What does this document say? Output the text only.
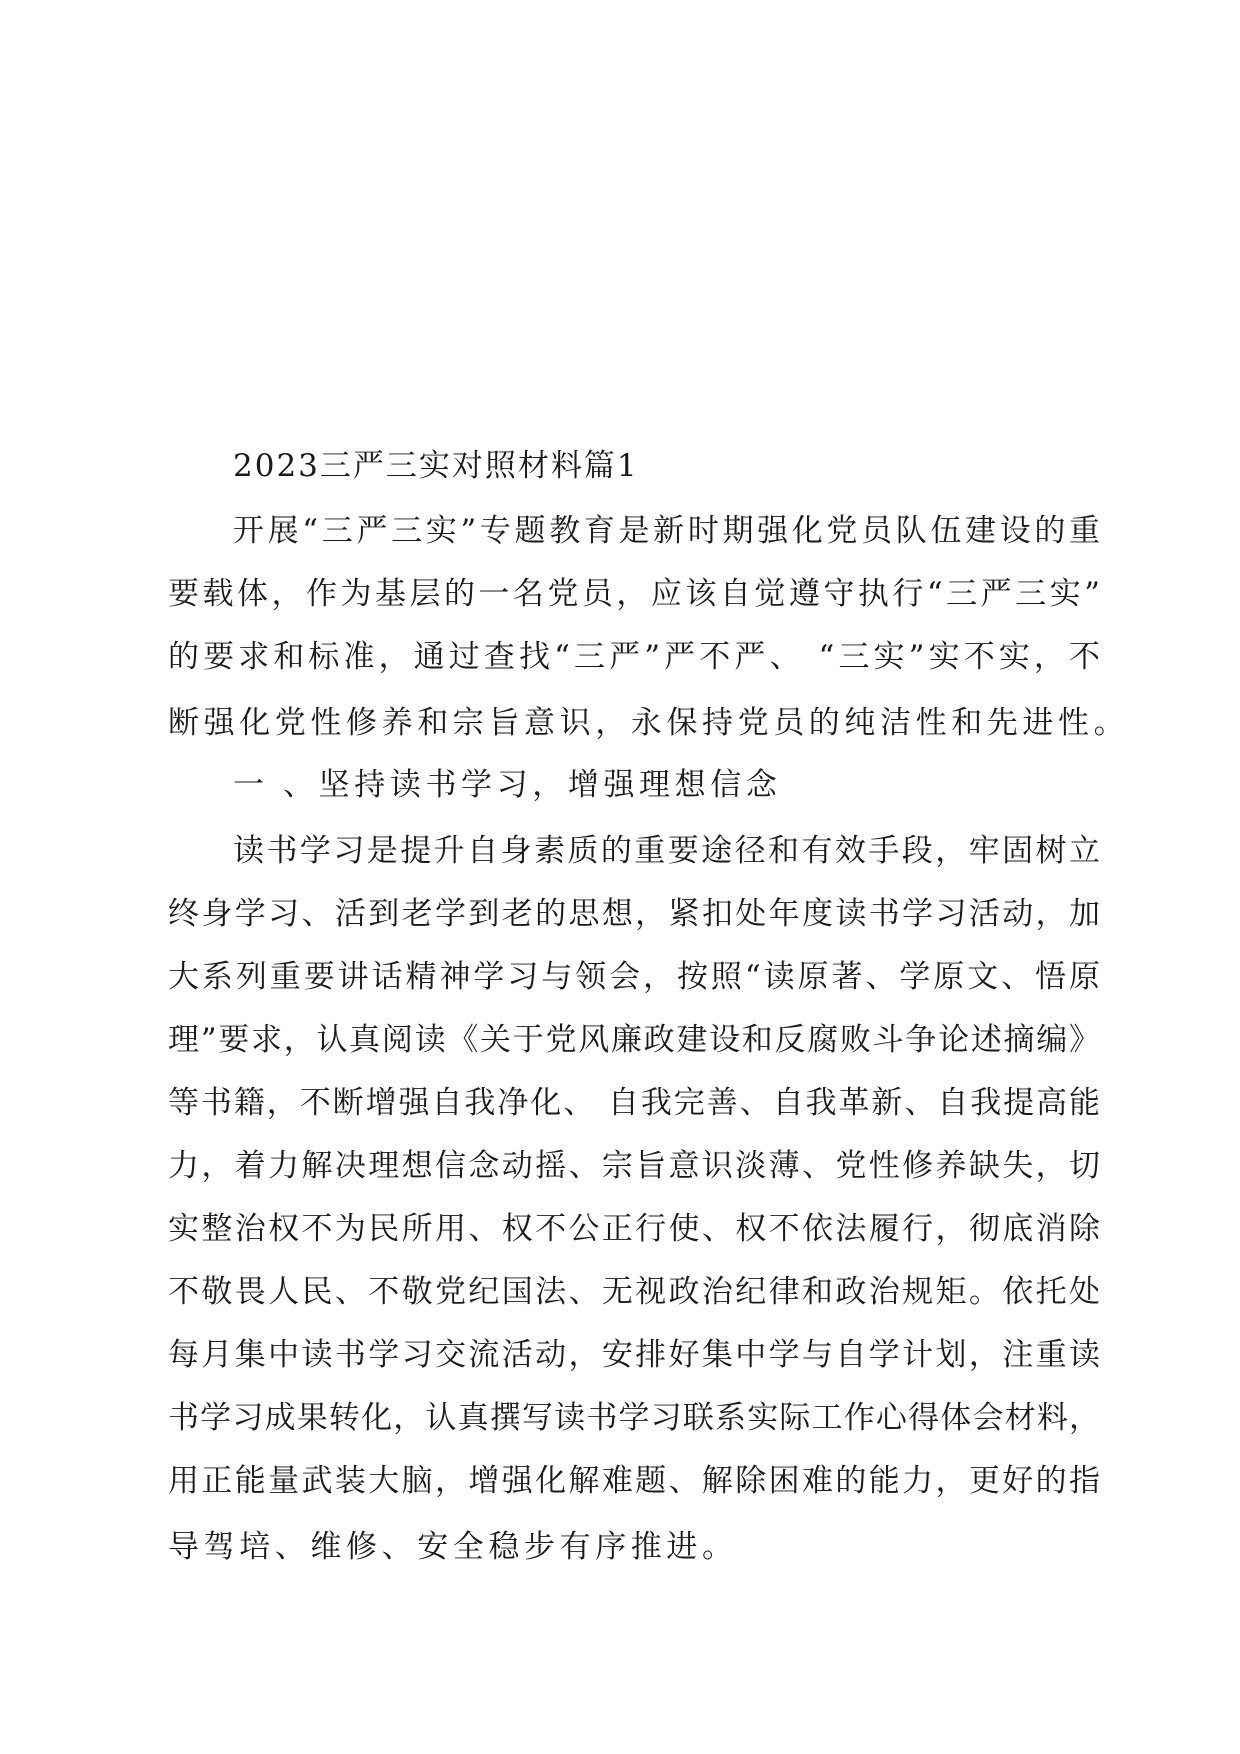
2023三严三实对照材料篇1
开展“三严三实”专题教育是新时期强化党员队伍建设的重
要载体，作为基层的一名党员，应该自觉遵守执行“三严三实”
的要求和标准，通过查找“三严”严不严、 “三实”实不实，不
断强化党性修养和宗旨意识，永保持党员的纯洁性和先进性。
一 、坚持读书学习，增强理想信念
读书学习是提升自身素质的重要途径和有效手段，牢固树立
终身学习、活到老学到老的思想，紧扣处年度读书学习活动，加
大系列重要讲话精神学习与领会，按照“读原著、学原文、悟原
理”要求，认真阅读《关于党风廉政建设和反腐败斗争论述摘编》
等书籍，不断增强自我净化、 自我完善、自我革新、自我提高能
力，着力解决理想信念动摇、宗旨意识淡薄、党性修养缺失，切
实整治权不为民所用、权不公正行使、权不依法履行，彻底消除
不敬畏人民、不敬党纪国法、无视政治纪律和政治规矩。依托处
每月集中读书学习交流活动，安排好集中学与自学计划，注重读
书学习成果转化，认真撰写读书学习联系实际工作心得体会材料，
用正能量武装大脑，增强化解难题、解除困难的能力，更好的指
导驾培、维修、安全稳步有序推进。
